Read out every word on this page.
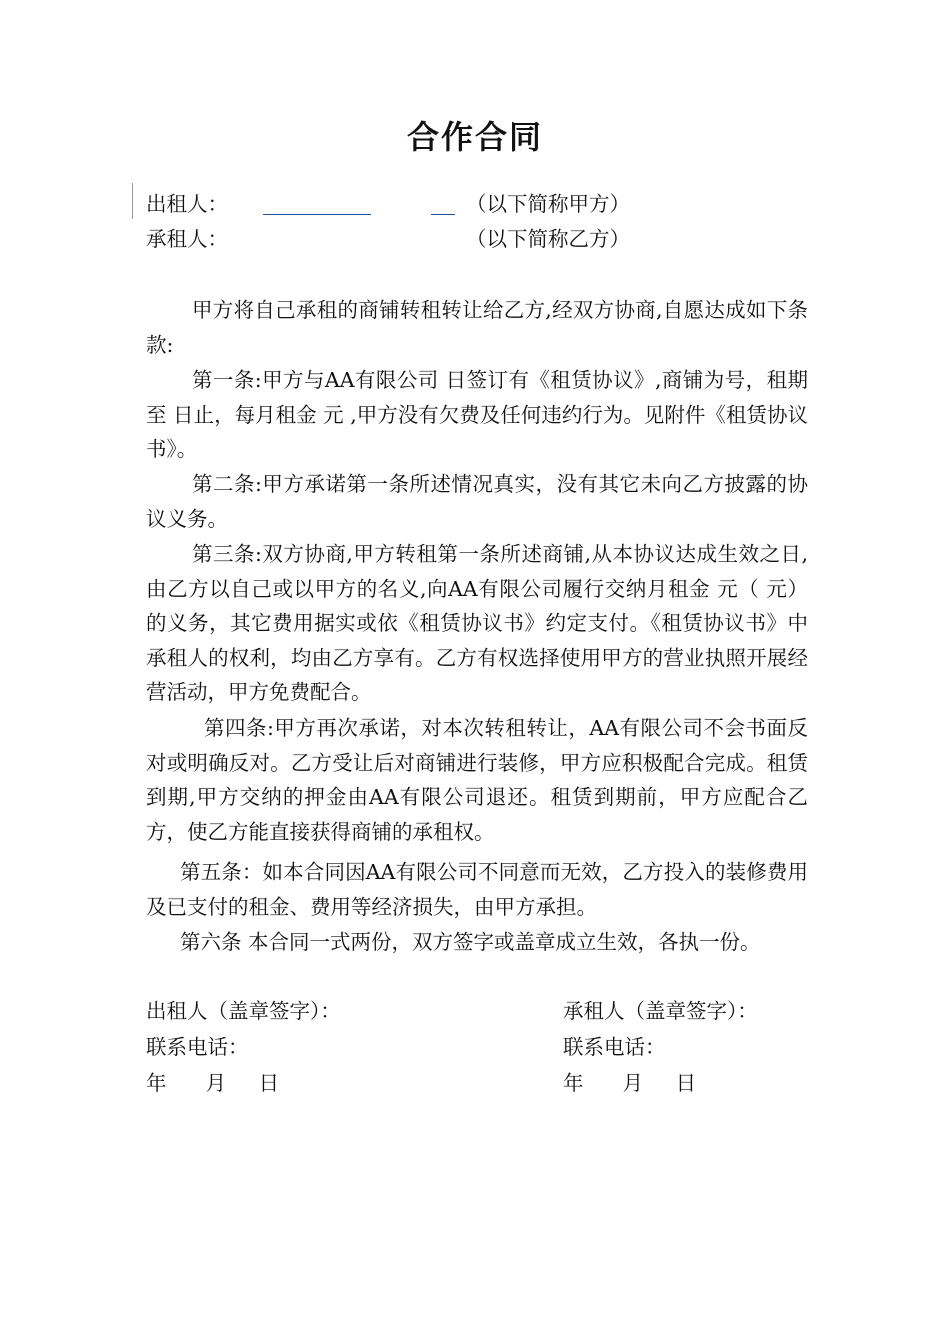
合作合同
出租人：	（以下简称甲方）
承租人：	（以下简称乙方）
甲方将自己承租的商铺转租转让给乙方,经双方协商,自愿达成如下条款:
第一条:甲方与AA有限公司 日签订有《租赁协议》,商铺为号，租期至 日止，每月租金 元 ,甲方没有欠费及任何违约行为。见附件《租赁协议书》。
第二条:甲方承诺第一条所述情况真实，没有其它未向乙方披露的协议义务。
第三条:双方协商,甲方转租第一条所述商铺,从本协议达成生效之日,由乙方以自己或以甲方的名义,向AA有限公司履行交纳月租金 元（ 元）的义务，其它费用据实或依《租赁协议书》约定支付。《租赁协议书》中承租人的权利，均由乙方享有。乙方有权选择使用甲方的营业执照开展经营活动，甲方免费配合。
第四条:甲方再次承诺，对本次转租转让，AA有限公司不会书面反对或明确反对。乙方受让后对商铺进行装修，甲方应积极配合完成。租赁到期,甲方交纳的押金由AA有限公司退还。租赁到期前，甲方应配合乙方，使乙方能直接获得商铺的承租权。
第五条：如本合同因AA有限公司不同意而无效，乙方投入的装修费用及已支付的租金、费用等经济损失，由甲方承担。
第六条 本合同一式两份，双方签字或盖章成立生效，各执一份。
出租人（盖章签字）：
联系电话：
年      月     日
承租人（盖章签字）：
联系电话：
年      月     日
